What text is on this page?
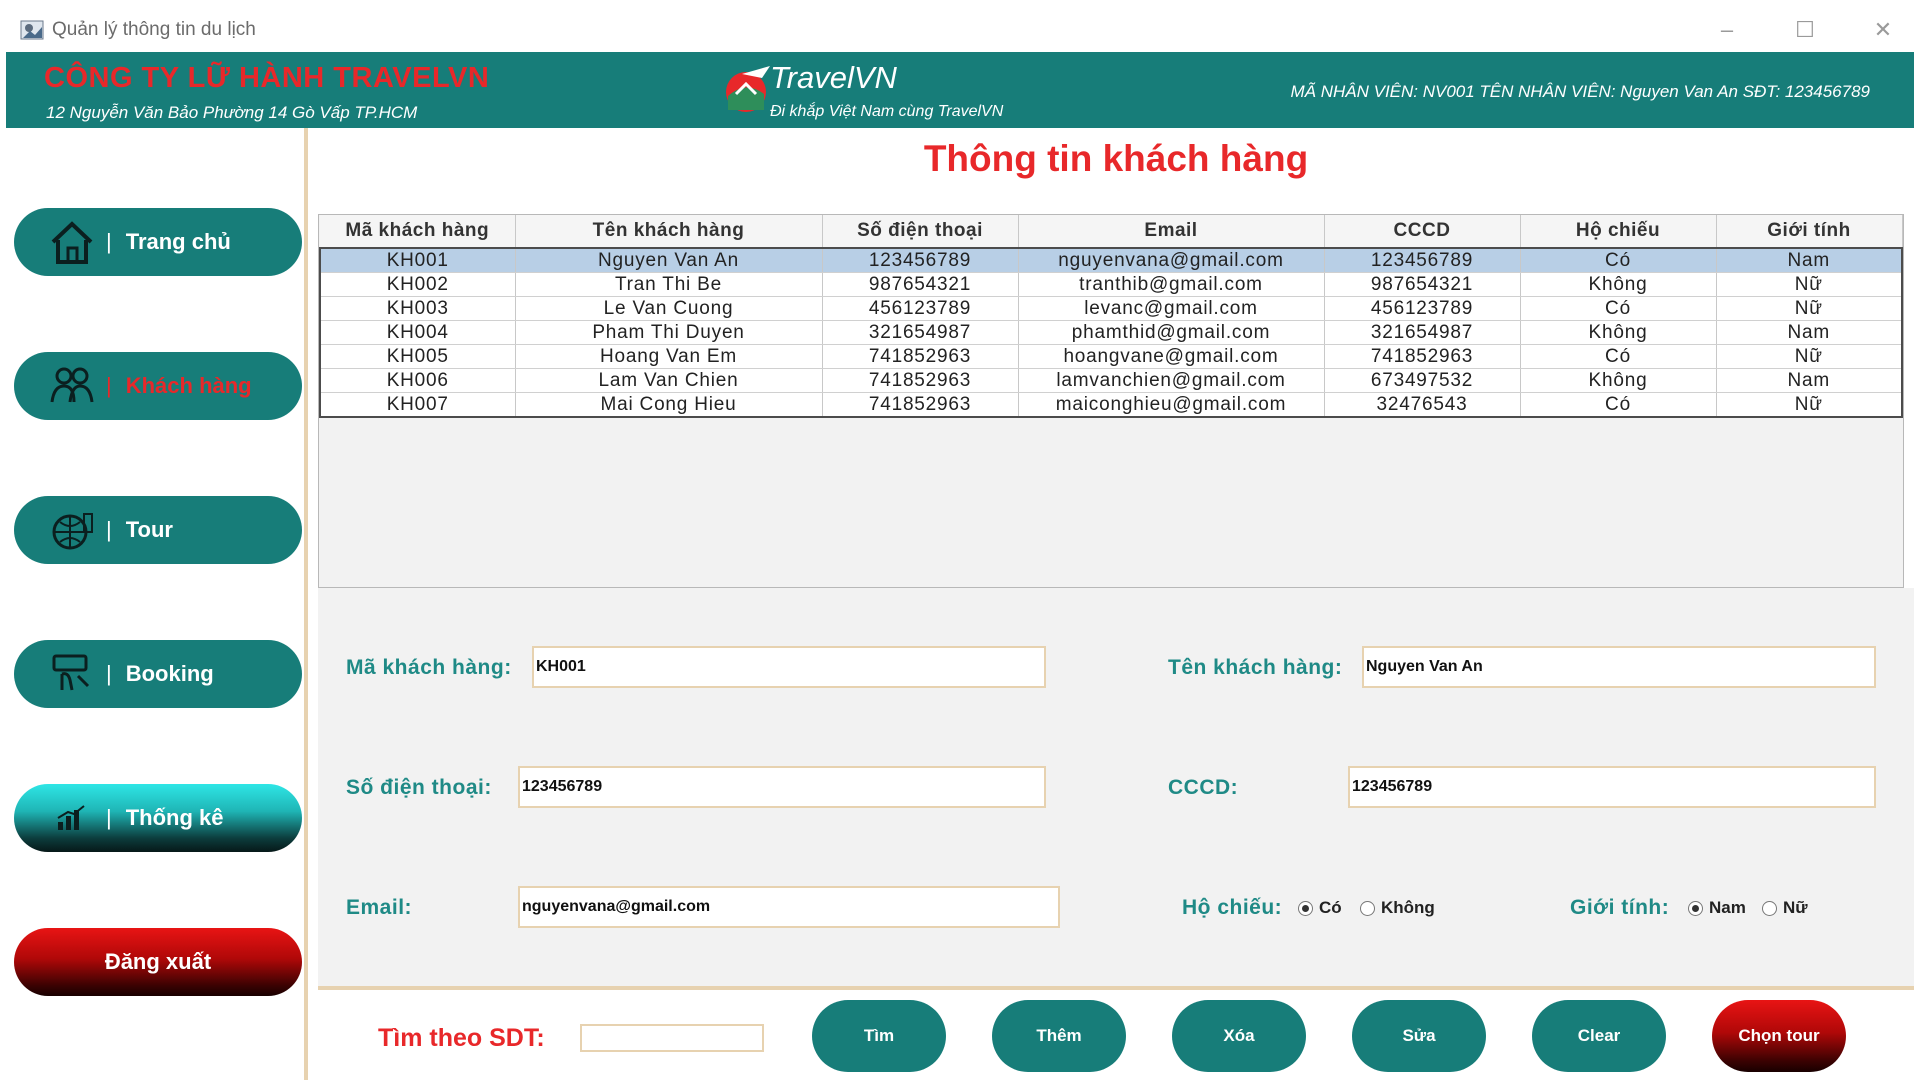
Quản lý thông tin du lịch	–	☐	✕
CÔNG TY LỮ HÀNH TRAVELVN
12 Nguyễn Văn Bảo Phường 14 Gò Vấp TP.HCM
TravelVN
Đi khắp Việt Nam cùng TravelVN
MÃ NHÂN VIÊN: NV001 TÊN NHÂN VIÊN: Nguyen Van An SĐT: 123456789
| Trang chủ
| Khách hàng
| Tour
| Booking
| Thống kê
Đăng xuất
Thông tin khách hàng
Mã khách hàng	Tên khách hàng	Số điện thoại	Email	CCCD	Hộ chiếu	Giới tính
KH001	Nguyen Van An	123456789	nguyenvana@gmail.com	123456789	Có	Nam
KH002	Tran Thi Be	987654321	tranthib@gmail.com	987654321	Không	Nữ
KH003	Le Van Cuong	456123789	levanc@gmail.com	456123789	Có	Nữ
KH004	Pham Thi Duyen	321654987	phamthid@gmail.com	321654987	Không	Nam
KH005	Hoang Van Em	741852963	hoangvane@gmail.com	741852963	Có	Nữ
KH006	Lam Van Chien	741852963	lamvanchien@gmail.com	673497532	Không	Nam
KH007	Mai Cong Hieu	741852963	maiconghieu@gmail.com	32476543	Có	Nữ
Mã khách hàng:
KH001	Tên khách hàng:
Nguyen Van An
Số điện thoại:
123456789	CCCD:
123456789
Email:
nguyenvana@gmail.com	Hộ chiếu: Có Không	Giới tính: Nam Nữ
Tìm theo SDT:	Tìm	Thêm	Xóa	Sửa	Clear	Chọn tour
